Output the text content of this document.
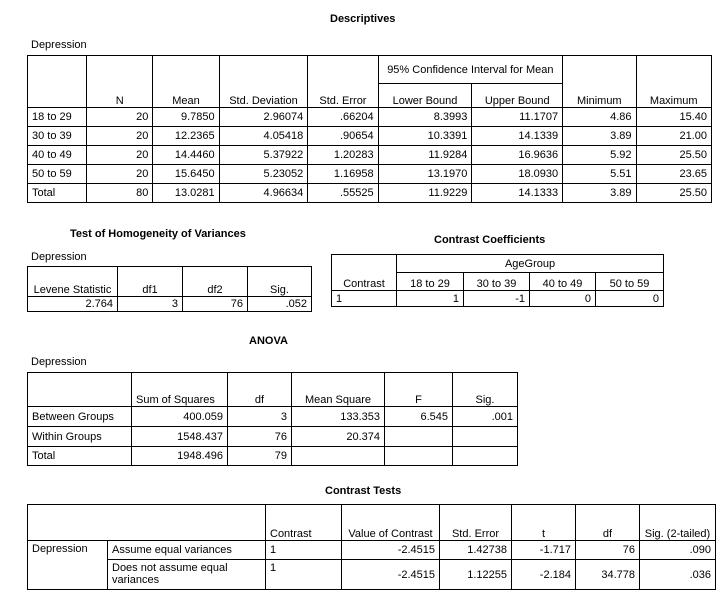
Descriptives
Depression
	N	Mean	Std. Deviation	Std. Error	95% Confidence Interval for Mean		Minimum	Maximum
					Lower Bound	Upper Bound		
18 to 29	20	9.7850	2.96074	.66204	8.3993	11.1707	4.86	15.40
30 to 39	20	12.2365	4.05418	.90654	10.3391	14.1339	3.89	21.00
40 to 49	20	14.4460	5.37922	1.20283	11.9284	16.9636	5.92	25.50
50 to 59	20	15.6450	5.23052	1.16958	13.1970	18.0930	5.51	23.65
Total	80	13.0281	4.96634	.55525	11.9229	14.1333	3.89	25.50
Test of Homogeneity of Variances
Depression
Levene Statistic	df1	df2	Sig.
2.764	3	76	.052
Contrast Coefficients
Contrast	AgeGroup			
	18 to 29	30 to 39	40 to 49	50 to 59
1	1	-1	0	0
ANOVA
Depression
	Sum of Squares	df	Mean Square	F	Sig.
Between Groups	400.059	3	133.353	6.545	.001
Within Groups	1548.437	76	20.374		
Total	1948.496	79			
Contrast Tests
		Contrast	Value of Contrast	Std. Error	t	df	Sig. (2-tailed)
Depression	Assume equal variances	1	-2.4515	1.42738	-1.717	76	.090
	Does not assume equal variances	1	-2.4515	1.12255	-2.184	34.778	.036
